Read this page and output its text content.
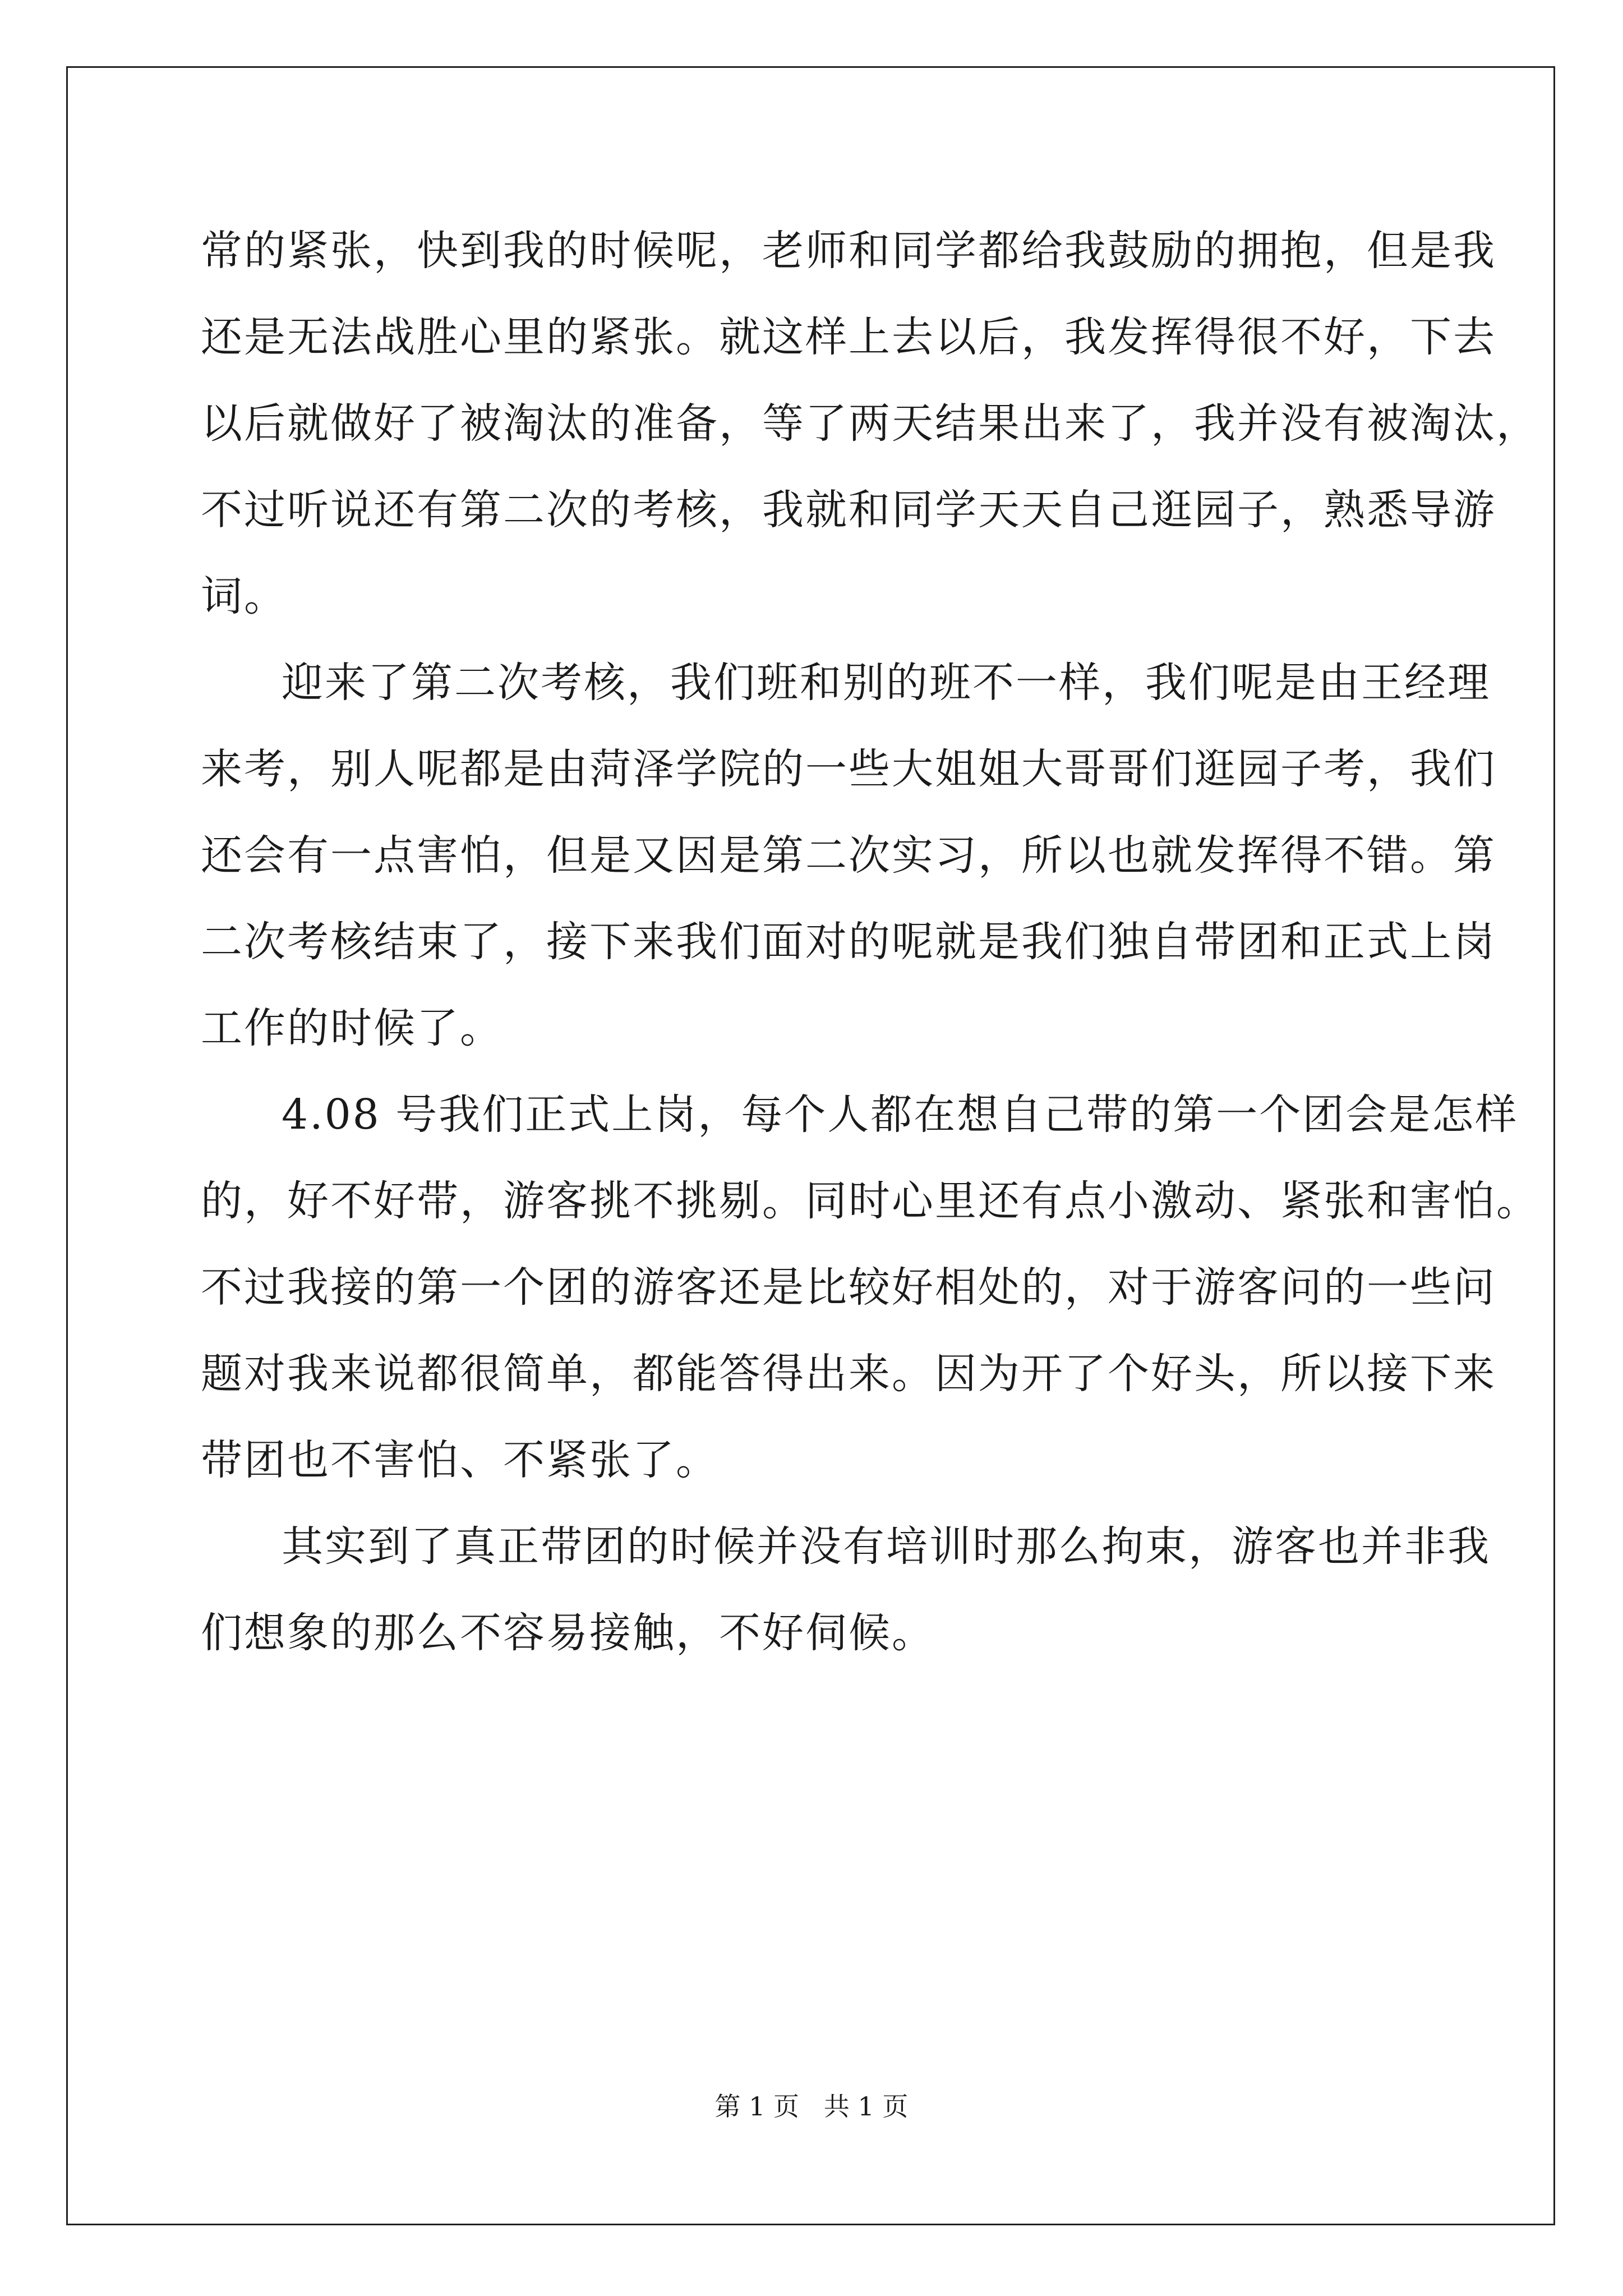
常的紧张，快到我的时候呢，老师和同学都给我鼓励的拥抱，但是我
还是无法战胜心里的紧张。就这样上去以后，我发挥得很不好，下去
以后就做好了被淘汰的准备，等了两天结果出来了，我并没有被淘汰，
不过听说还有第二次的考核，我就和同学天天自己逛园子，熟悉导游
词。
迎来了第二次考核，我们班和别的班不一样，我们呢是由王经理
来考，别人呢都是由菏泽学院的一些大姐姐大哥哥们逛园子考，我们
还会有一点害怕，但是又因是第二次实习，所以也就发挥得不错。第
二次考核结束了，接下来我们面对的呢就是我们独自带团和正式上岗
工作的时候了。
4.08 号我们正式上岗，每个人都在想自己带的第一个团会是怎样
的，好不好带，游客挑不挑剔。同时心里还有点小激动、紧张和害怕。
不过我接的第一个团的游客还是比较好相处的，对于游客问的一些问
题对我来说都很简单，都能答得出来。因为开了个好头，所以接下来
带团也不害怕、不紧张了。
其实到了真正带团的时候并没有培训时那么拘束，游客也并非我
们想象的那么不容易接触，不好伺候。
第 1 页   共 1 页
